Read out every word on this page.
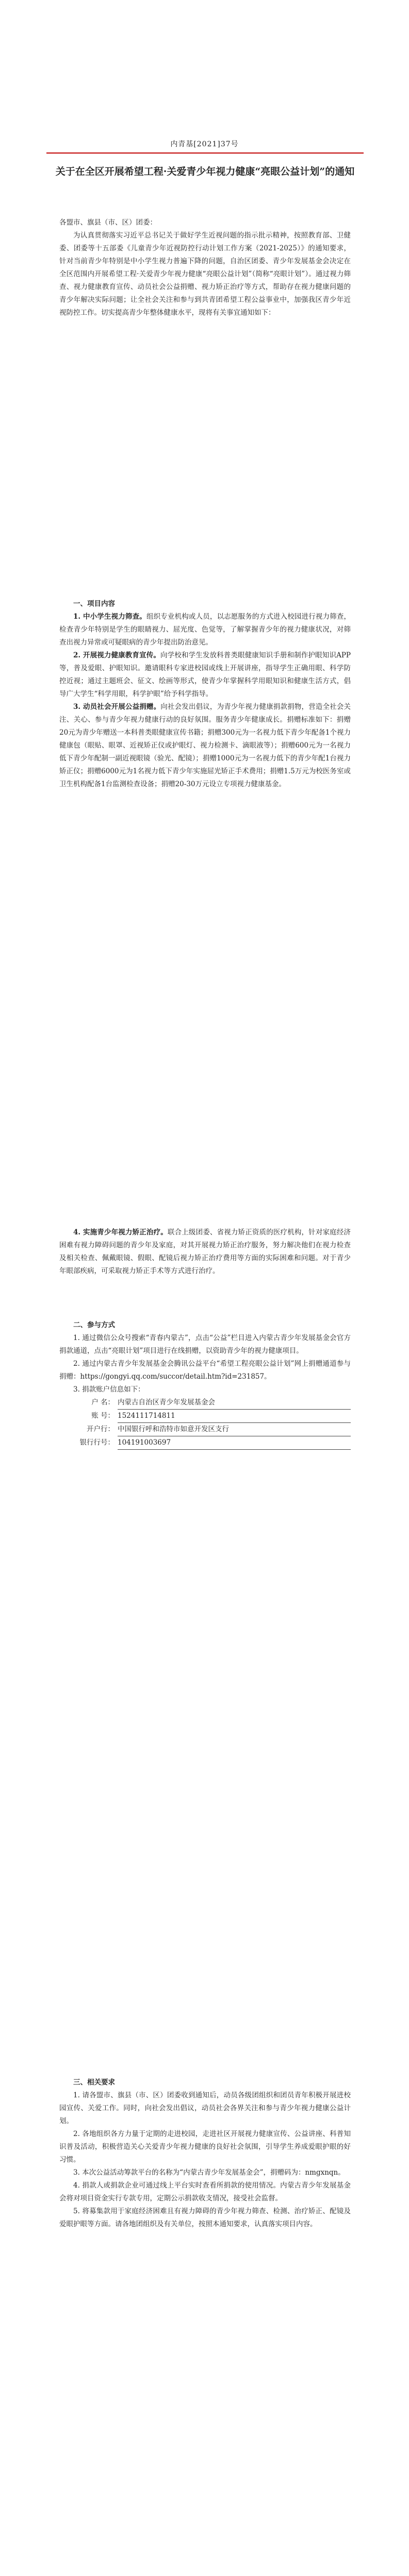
内青基[2021]37号
关于在全区开展希望工程·关爱青少年视力健康“亮眼公益计划”的通知

各盟市、旗县（市、区）团委：

为认真贯彻落实习近平总书记关于做好学生近视问题的指示批示精神，按照教育部、卫健委、团委等十五部委《儿童青少年近视防控行动计划工作方案（2021-2025）》的通知要求，针对当前青少年特别是中小学生视力普遍下降的问题，自治区团委、青少年发展基金会决定在全区范围内开展希望工程·关爱青少年视力健康“亮眼公益计划”（简称“亮眼计划”）。通过视力筛查、视力健康教育宣传、动员社会公益捐赠、视力矫正治疗等方式，帮助存在视力健康问题的青少年解决实际问题；让全社会关注和参与到共青团希望工程公益事业中，加强我区青少年近视防控工作。切实提高青少年整体健康水平，现将有关事宜通知如下：

一、项目内容

1. 中小学生视力筛查。组织专业机构或人员，以志愿服务的方式进入校园进行视力筛查，检查青少年特别是学生的眼睛视力、屈光度、色觉等，了解掌握青少年的视力健康状况，对筛查出视力异常或可疑眼病的青少年提出防治意见。

2. 开展视力健康教育宣传。向学校和学生发放科普类眼健康知识手册和制作护眼知识APP等，普及爱眼、护眼知识。邀请眼科专家进校园或线上开展讲座，指导学生正确用眼、科学防控近视；通过主题班会、征文、绘画等形式，使青少年掌握科学用眼知识和健康生活方式，倡导广大学生“科学用眼，科学护眼”给予科学指导。

3. 动员社会开展公益捐赠。向社会发出倡议，为青少年视力健康捐款捐物，营造全社会关注、关心、参与青少年视力健康行动的良好氛围。服务青少年健康成长。捐赠标准如下：捐赠20元为青少年赠送一本科普类眼健康宣传书籍；捐赠300元为一名视力低下青少年配备1个视力健康包（眼贴、眼罩、近视矫正仪或护眼灯、视力检测卡、滴眼液等）；捐赠600元为一名视力低下青少年配制一副近视眼镜（验光、配镜）；捐赠1000元为一名视力低下的青少年配1台视力矫正仪；捐赠6000元为1名视力低下青少年实施屈光矫正手术费用；捐赠1.5万元为校医务室或卫生机构配备1台监测检查设备；捐赠20-30万元设立专项视力健康基金。

4. 实施青少年视力矫正治疗。联合上级团委、省视力矫正资质的医疗机构，针对家庭经济困难有视力障碍问题的青少年及家庭，对其开展视力矫正治疗服务，努力解决他们在视力检查及相关检查、佩戴眼镜、假眼、配镜后视力矫正治疗费用等方面的实际困难和问题。对于青少年眼部疾病，可采取视力矫正手术等方式进行治疗。

二、参与方式

1. 通过微信公众号搜索“青春内蒙古”，点击“公益”栏目进入内蒙古青少年发展基金会官方捐款通道，点击“亮眼计划”项目进行在线捐赠，以资助青少年的视力健康项目。

2. 通过内蒙古青少年发展基金会腾讯公益平台“希望工程亮眼公益计划”网上捐赠通道参与捐赠：https://gongyi.qq.com/succor/detail.htm?id=231857。

3. 捐款账户信息如下：

户 名： 内蒙古自治区青少年发展基金会
账 号： 1524111714811
开户行： 中国银行呼和浩特市如意开发区支行
银行行号： 104191003697

三、相关要求

1. 请各盟市、旗县（市、区）团委收到通知后，动员各级团组织和团员青年积极开展进校园宣传、关爱工作。同时，向社会发出倡议，动员社会各界关注和参与青少年视力健康公益计划。

2. 各地组织各方力量于定期的走进校园，走进社区开展视力健康宣传、公益讲座、科普知识普及活动，积极营造关心关爱青少年视力健康的良好社会氛围，引导学生养成爱眼护眼的好习惯。

3. 本次公益活动筹款平台的名称为“内蒙古青少年发展基金会”，捐赠码为：nmgxnqn。

4. 捐款人或捐款企业可通过线上平台实时查看所捐款的使用情况。内蒙古青少年发展基金会将对项目资金实行专款专用，定期公示捐款收支情况，接受社会监督。

5. 将募集款用于家庭经济困难且有视力障碍的青少年视力筛查、检测、治疗矫正、配镜及爱眼护眼等方面。请各地团组织及有关单位，按照本通知要求，认真落实项目内容。
